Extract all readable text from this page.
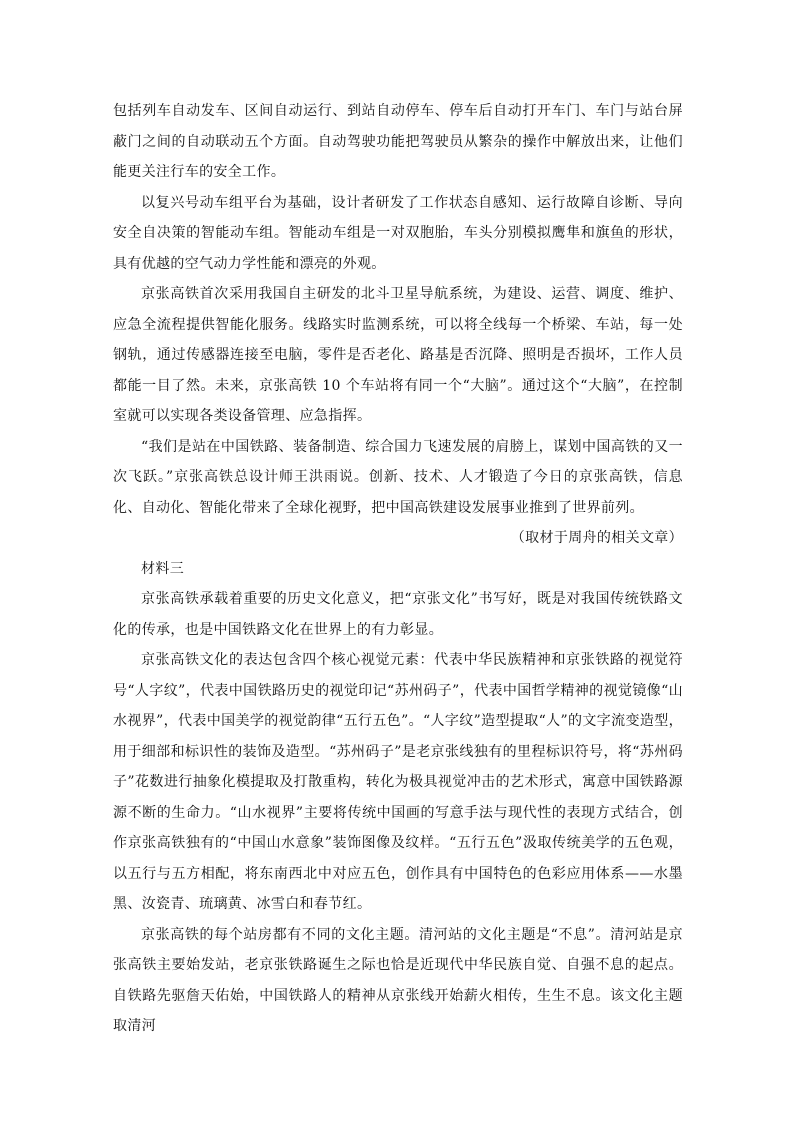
包括列车自动发车、区间自动运行、到站自动停车、停车后自动打开车门、车门与站台屏蔽门之间的自动联动五个方面。自动驾驶功能把驾驶员从繁杂的操作中解放出来，让他们能更关注行车的安全工作。

以复兴号动车组平台为基础，设计者研发了工作状态自感知、运行故障自诊断、导向安全自决策的智能动车组。智能动车组是一对双胞胎，车头分别模拟鹰隼和旗鱼的形状，具有优越的空气动力学性能和漂亮的外观。

京张高铁首次采用我国自主研发的北斗卫星导航系统，为建设、运营、调度、维护、应急全流程提供智能化服务。线路实时监测系统，可以将全线每一个桥梁、车站，每一处钢轨，通过传感器连接至电脑，零件是否老化、路基是否沉降、照明是否损坏，工作人员都能一目了然。未来，京张高铁 10 个车站将有同一个“大脑”。通过这个“大脑”，在控制室就可以实现各类设备管理、应急指挥。

“我们是站在中国铁路、装备制造、综合国力飞速发展的肩膀上，谋划中国高铁的又一次飞跃。”京张高铁总设计师王洪雨说。创新、技术、人才锻造了今日的京张高铁，信息化、自动化、智能化带来了全球化视野，把中国高铁建设发展事业推到了世界前列。

（取材于周舟的相关文章）

材料三

京张高铁承载着重要的历史文化意义，把“京张文化”书写好，既是对我国传统铁路文化的传承，也是中国铁路文化在世界上的有力彰显。

京张高铁文化的表达包含四个核心视觉元素：代表中华民族精神和京张铁路的视觉符号“人字纹”，代表中国铁路历史的视觉印记“苏州码子”，代表中国哲学精神的视觉镜像“山水视界”，代表中国美学的视觉韵律“五行五色”。“人字纹”造型提取“人”的文字流变造型，用于细部和标识性的装饰及造型。“苏州码子”是老京张线独有的里程标识符号，将“苏州码子”花数进行抽象化模提取及打散重构，转化为极具视觉冲击的艺术形式，寓意中国铁路源源不断的生命力。“山水视界”主要将传统中国画的写意手法与现代性的表现方式结合，创作京张高铁独有的“中国山水意象”装饰图像及纹样。“五行五色”汲取传统美学的五色观，以五行与五方相配，将东南西北中对应五色，创作具有中国特色的色彩应用体系——水墨黑、汝瓷青、琉璃黄、冰雪白和春节红。

京张高铁的每个站房都有不同的文化主题。清河站的文化主题是“不息”。清河站是京张高铁主要始发站，老京张铁路诞生之际也恰是近现代中华民族自觉、自强不息的起点。自铁路先驱詹天佑始，中国铁路人的精神从京张线开始薪火相传，生生不息。该文化主题取清河
